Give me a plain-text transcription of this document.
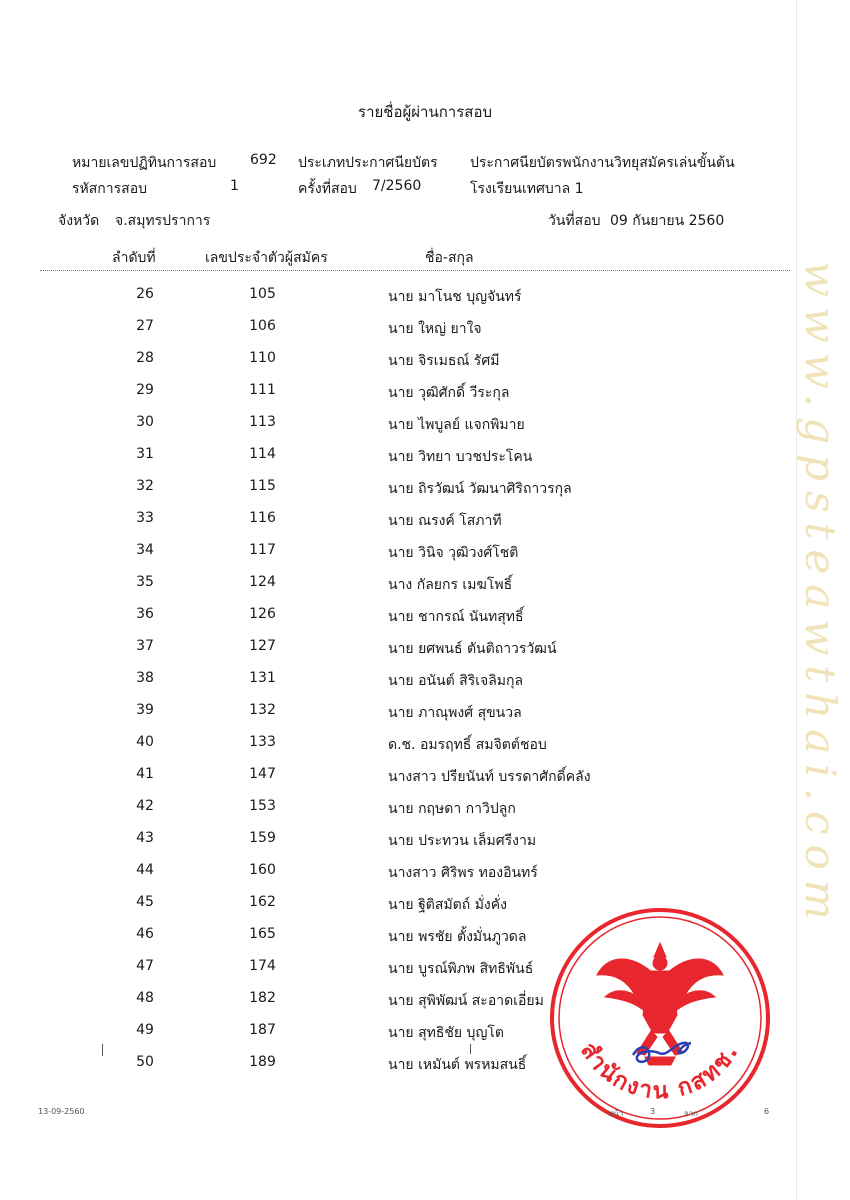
www.gpsteawthai.com
รายชื่อผู้ผ่านการสอบ
หมายเลขปฏิทินการสอบ 692 ประเภทประกาศนียบัตร ประกาศนียบัตรพนักงานวิทยุสมัครเล่นขั้นต้น
รหัสการสอบ	1	ครั้งที่สอบ 7/2560	โรงเรียนเทศบาล 1
จังหวัด จ.สมุทรปราการ	วันที่สอบ 09 กันยายน 2560
ลำดับที่	เลขประจำตัวผู้สมัคร	ชื่อ-สกุล
26	105	นาย มาโนช บุญจันทร์
27	106	นาย ใหญ่ ยาใจ
28	110	นาย จิรเมธณ์ รัศมี
29	111	นาย วุฒิศักดิ์ วีระกุล
30	113	นาย ไพบูลย์ แจกพิมาย
31	114	นาย วิทยา บวชประโคน
32	115	นาย ถิรวัฒน์ วัฒนาศิริถาวรกุล
33	116	นาย ณรงค์ โสภาที
34	117	นาย วินิจ วุฒิวงศ์โชติ
35	124	นาง กัลยกร เมฆโพธิ์
36	126	นาย ชากรณ์ นันทสุทธิ์
37	127	นาย ยศพนธ์ ตันติถาวรวัฒน์
38	131	นาย อนันต์ สิริเจลิมกุล
39	132	นาย ภาณุพงศ์ สุขนวล
40	133	ด.ช. อมรฤทธิ์ สมจิตต์ชอบ
41	147	นางสาว ปรียนันท์ บรรดาศักดิ์คลัง
42	153	นาย กฤษดา กาวิปลูก
43	159	นาย ประทวน เล็มศรีงาม
44	160	นางสาว ศิริพร ทองอินทร์
45	162	นาย ฐิติสมัตถ์ มั่งคั่ง
46	165	นาย พรชัย ตั้งมั่นภูวดล
47	174	นาย บูรณ์พิภพ สิทธิพันธ์
48	182	นาย สุพิพัฒน์ สะอาดเอี่ยม
49	187	นาย สุทธิชัย บุญโต
50	189	นาย เหมันต์ พรหมสนธิ์ สำนักงาน กสทช.
13-09-2560	หน้า	3	จาก	6
